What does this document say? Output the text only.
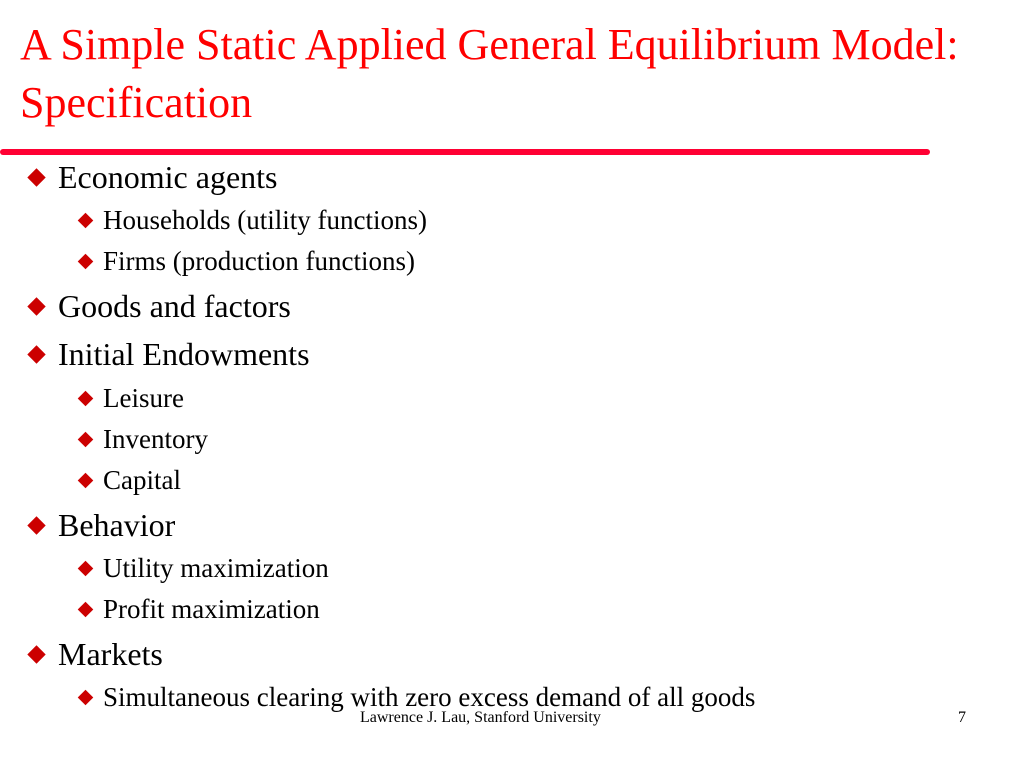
A Simple Static Applied General Equilibrium Model: Specification
Economic agents
Households (utility functions)
Firms (production functions)
Goods and factors
Initial Endowments
Leisure
Inventory
Capital
Behavior
Utility maximization
Profit maximization
Markets
Simultaneous clearing with zero excess demand of all goods
Lawrence J. Lau, Stanford University	7
